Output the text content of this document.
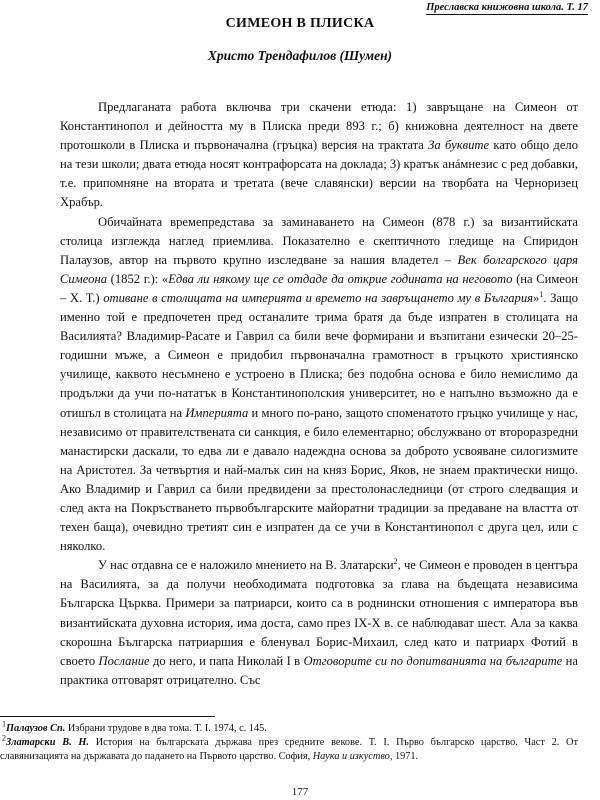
Преславска книжовна школа. Т. 17
СИМЕОН В ПЛИСКА
Христо Трендафилов (Шумен)

Предлаганата работа включва три скачени етюда: 1) завръщане на Симеон от Константинопол и дейността му в Плиска преди 893 г.; б) книжовна деятелност на двете протошколи в Плиска и първоначална (гръцка) версия на трактата За буквите като общо дело на тези школи; двата етюда носят контрафорсата на доклада; 3) кратък анáмнезис с ред добавки, т.е. припомняне на втората и третата (вече славянски) версии на творбата на Черноризец Храбър.

Обичайната времепредстава за заминаването на Симеон (878 г.) за византийската столица изглежда наглед приемлива. Показателно е скептичното гледище на Спиридон Палаузов, автор на първото крупно изследване за нашия владетел – Век болгарского царя Симеона (1852 г.): «Едва ли някому ще се отдаде да открие годината на неговото (на Симеон – Х. Т.) отиване в столицата на империята и времето на завръщането му в България»$^1$. Защо именно той е предпочетен пред останалите трима братя да бъде изпратен в столицата на Василията? Владимир-Расате и Гаврил са били вече формирани и възпитани езически 20–25-годишни мъже, а Симеон е придобил първоначална грамотност в гръцкото християнско училище, каквото несъмнено е устроено в Плиска; без подобна основа е било немислимо да продължи да учи по-нататък в Константинополския университет, но е напълно възможно да е отишъл в столицата на Империята и много по-рано, защото споменатото гръцко училище у нас, независимо от правителствената си санкция, е било елементарно; обслужвано от второразредни манастирски даскали, то едва ли е давало надеждна основа за доброто усвояване силогизмите на Аристотел. За четвъртия и най-малък син на княз Борис, Яков, не знаем практически нищо. Ако Владимир и Гаврил са били предвидени за престолонаследници (от строго следващия и след акта на Покръстването първобългарските майоратни традиции за предаване на властта от техен баща), очевидно третият син е изпратен да се учи в Константинопол с друга цел, или с няколко.

У нас отдавна се е наложило мнението на В. Златарски$^2$, че Симеон е проводен в центъра на Василията, за да получи необходимата подготовка за глава на бъдещата независима Българска Църква. Примери за патриарси, които са в роднински отношения с императора във византийската духовна история, има доста, само през IX-X в. се наблюдават шест. Ала за каква скорошна Българска патриаршия е бленувал Борис-Михаил, след като и патриарх Фотий в своето Послание до него, и папа Николай I в Отговорите си по допитванията на българите на практика отговарят отрицателно. Със

$^1$Палаузов Сп. Избрани трудове в два тома. Т. I. 1974, с. 145.

$^2$Златарски В. Н. История на българската държава през средните векове. Т. I. Първо българско царство. Част 2. От славянизацията на държавата до падането на Първото царство. София, Наука и изкуство, 1971.

177
